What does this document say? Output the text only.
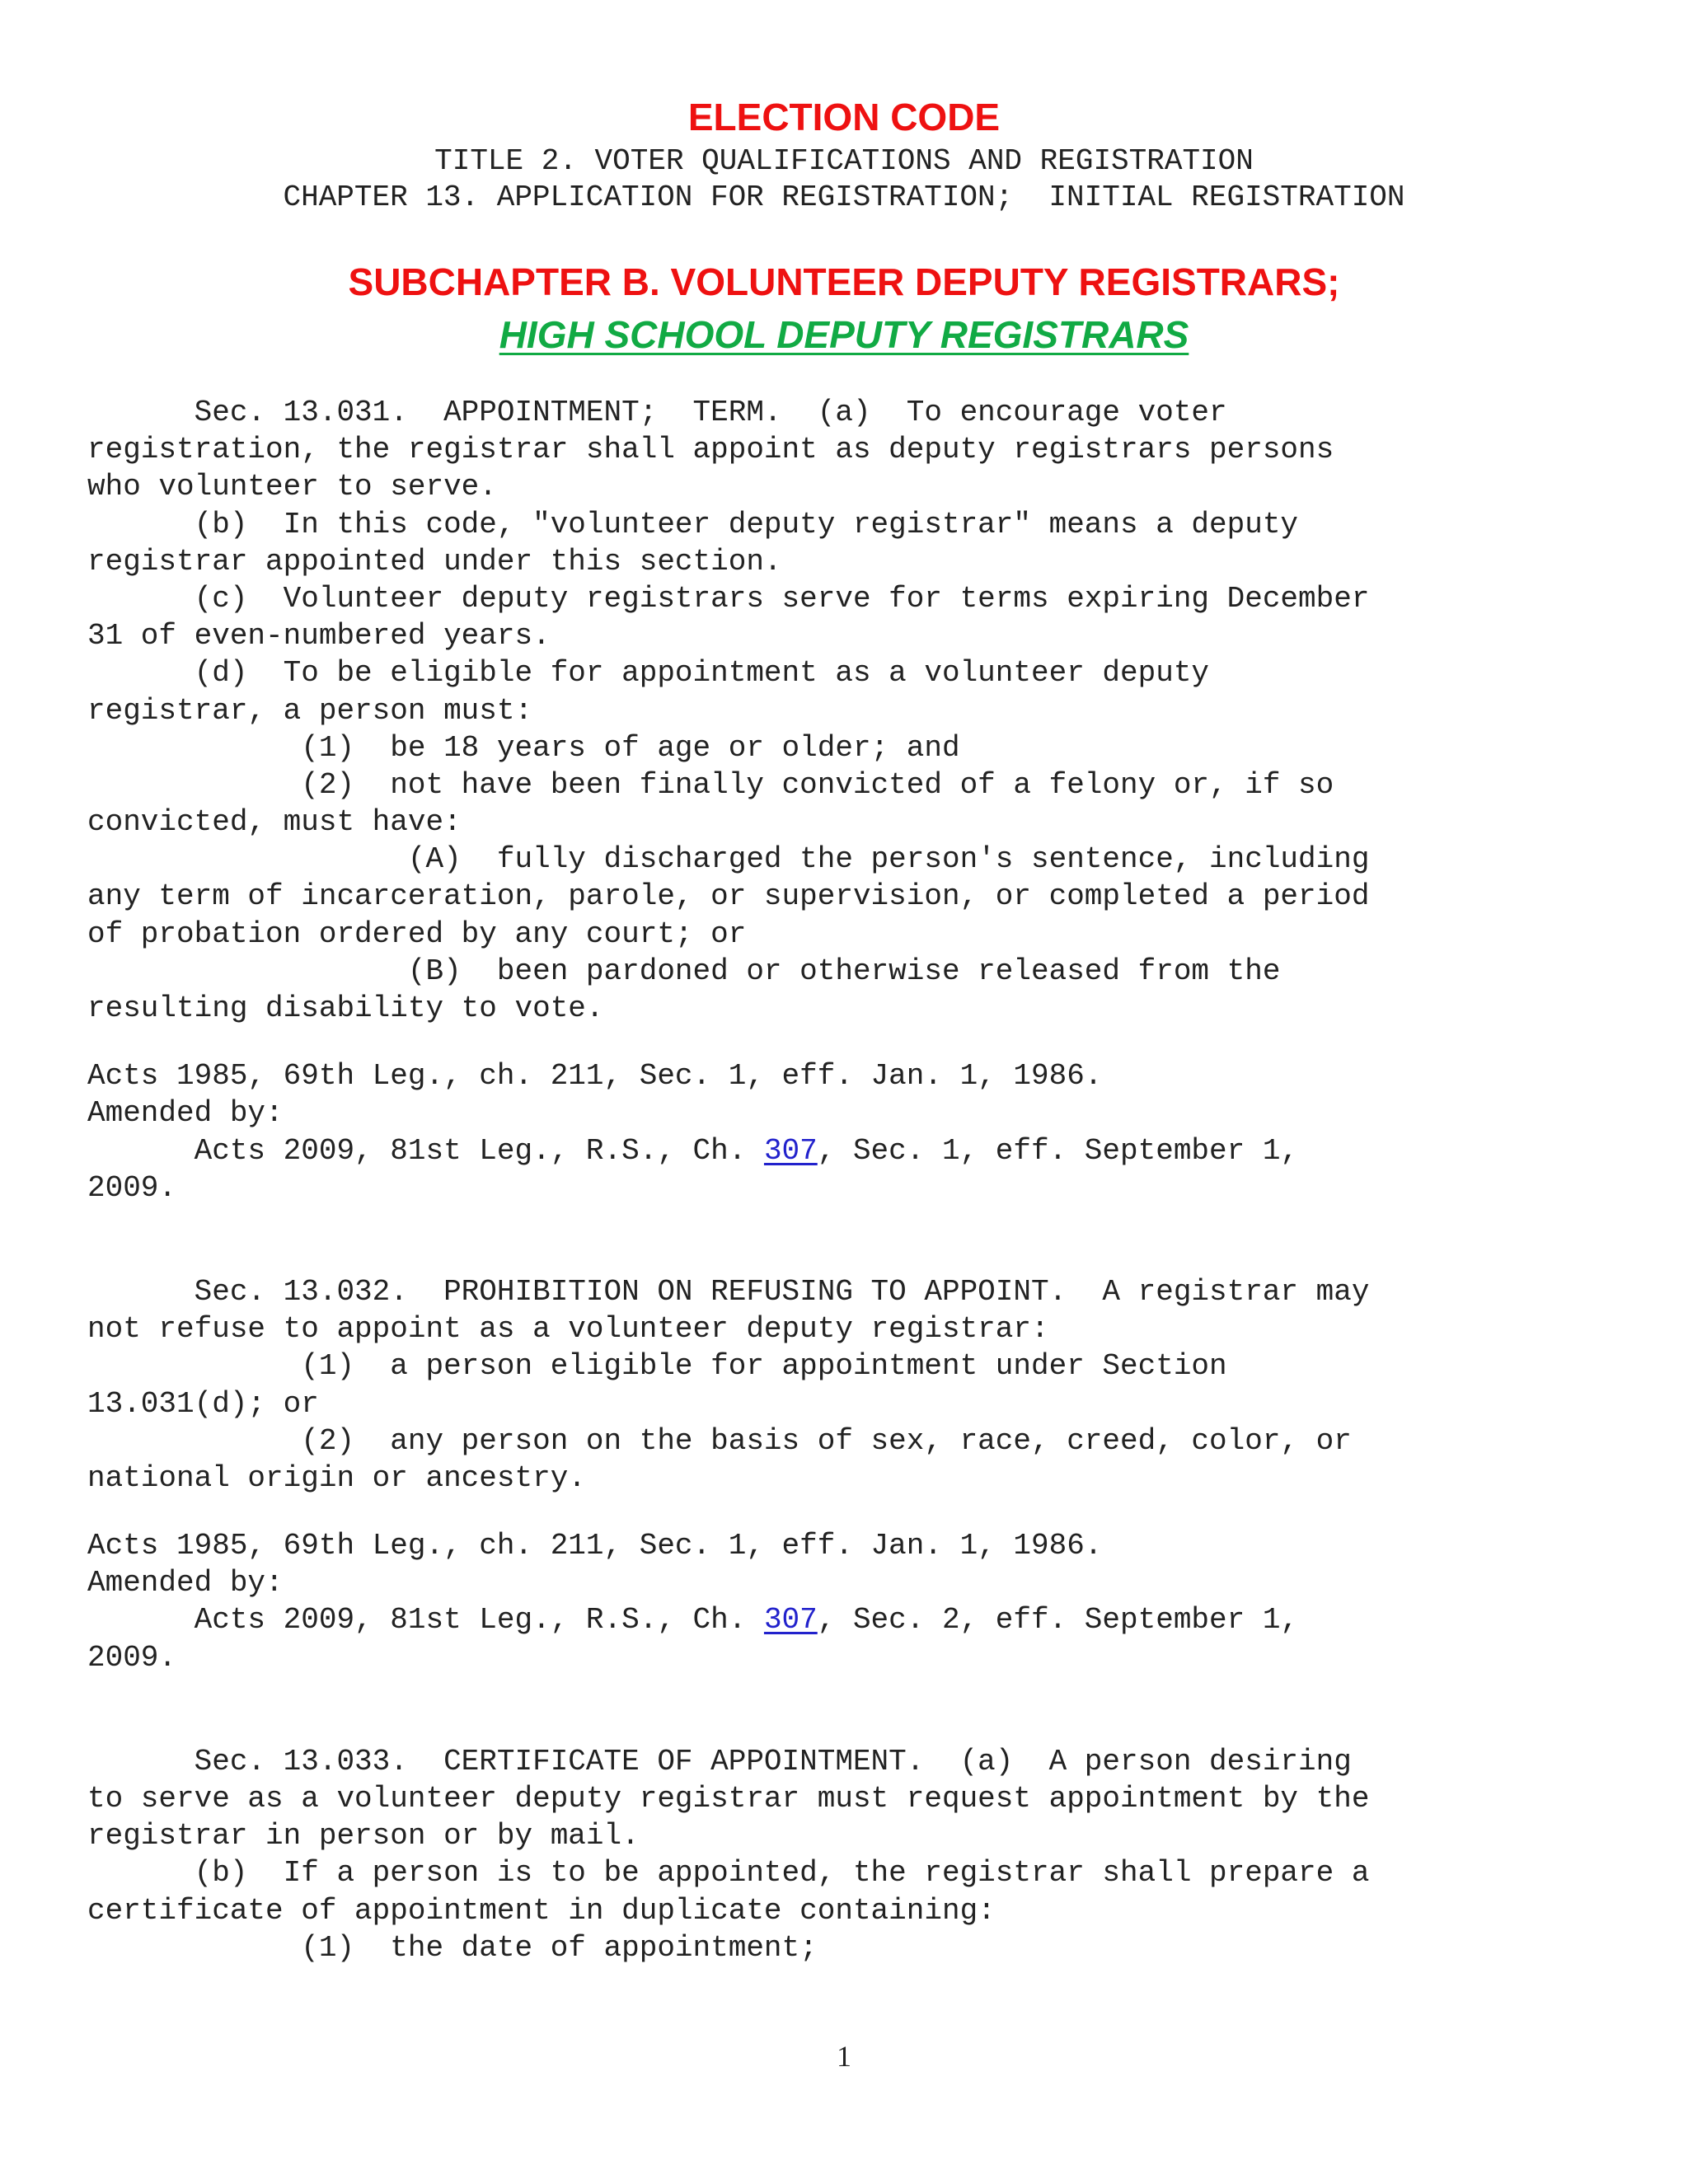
ELECTION CODE
TITLE 2. VOTER QUALIFICATIONS AND REGISTRATION
CHAPTER 13. APPLICATION FOR REGISTRATION;  INITIAL REGISTRATION
SUBCHAPTER B. VOLUNTEER DEPUTY REGISTRARS;
HIGH SCHOOL DEPUTY REGISTRARS
Sec. 13.031.  APPOINTMENT;  TERM.  (a)  To encourage voter
registration, the registrar shall appoint as deputy registrars persons
who volunteer to serve.
(b)  In this code, "volunteer deputy registrar" means a deputy
registrar appointed under this section.
(c)  Volunteer deputy registrars serve for terms expiring December
31 of even-numbered years.
(d)  To be eligible for appointment as a volunteer deputy
registrar, a person must:
(1)  be 18 years of age or older; and
(2)  not have been finally convicted of a felony or, if so
convicted, must have:
(A)  fully discharged the person's sentence, including
any term of incarceration, parole, or supervision, or completed a period
of probation ordered by any court; or
(B)  been pardoned or otherwise released from the
resulting disability to vote.
Acts 1985, 69th Leg., ch. 211, Sec. 1, eff. Jan. 1, 1986.
Amended by:
Acts 2009, 81st Leg., R.S., Ch. 307, Sec. 1, eff. September 1,
2009.
Sec. 13.032.  PROHIBITION ON REFUSING TO APPOINT.  A registrar may
not refuse to appoint as a volunteer deputy registrar:
(1)  a person eligible for appointment under Section
13.031(d); or
(2)  any person on the basis of sex, race, creed, color, or
national origin or ancestry.
Acts 1985, 69th Leg., ch. 211, Sec. 1, eff. Jan. 1, 1986.
Amended by:
Acts 2009, 81st Leg., R.S., Ch. 307, Sec. 2, eff. September 1,
2009.
Sec. 13.033.  CERTIFICATE OF APPOINTMENT.  (a)  A person desiring
to serve as a volunteer deputy registrar must request appointment by the
registrar in person or by mail.
(b)  If a person is to be appointed, the registrar shall prepare a
certificate of appointment in duplicate containing:
(1)  the date of appointment;
1
